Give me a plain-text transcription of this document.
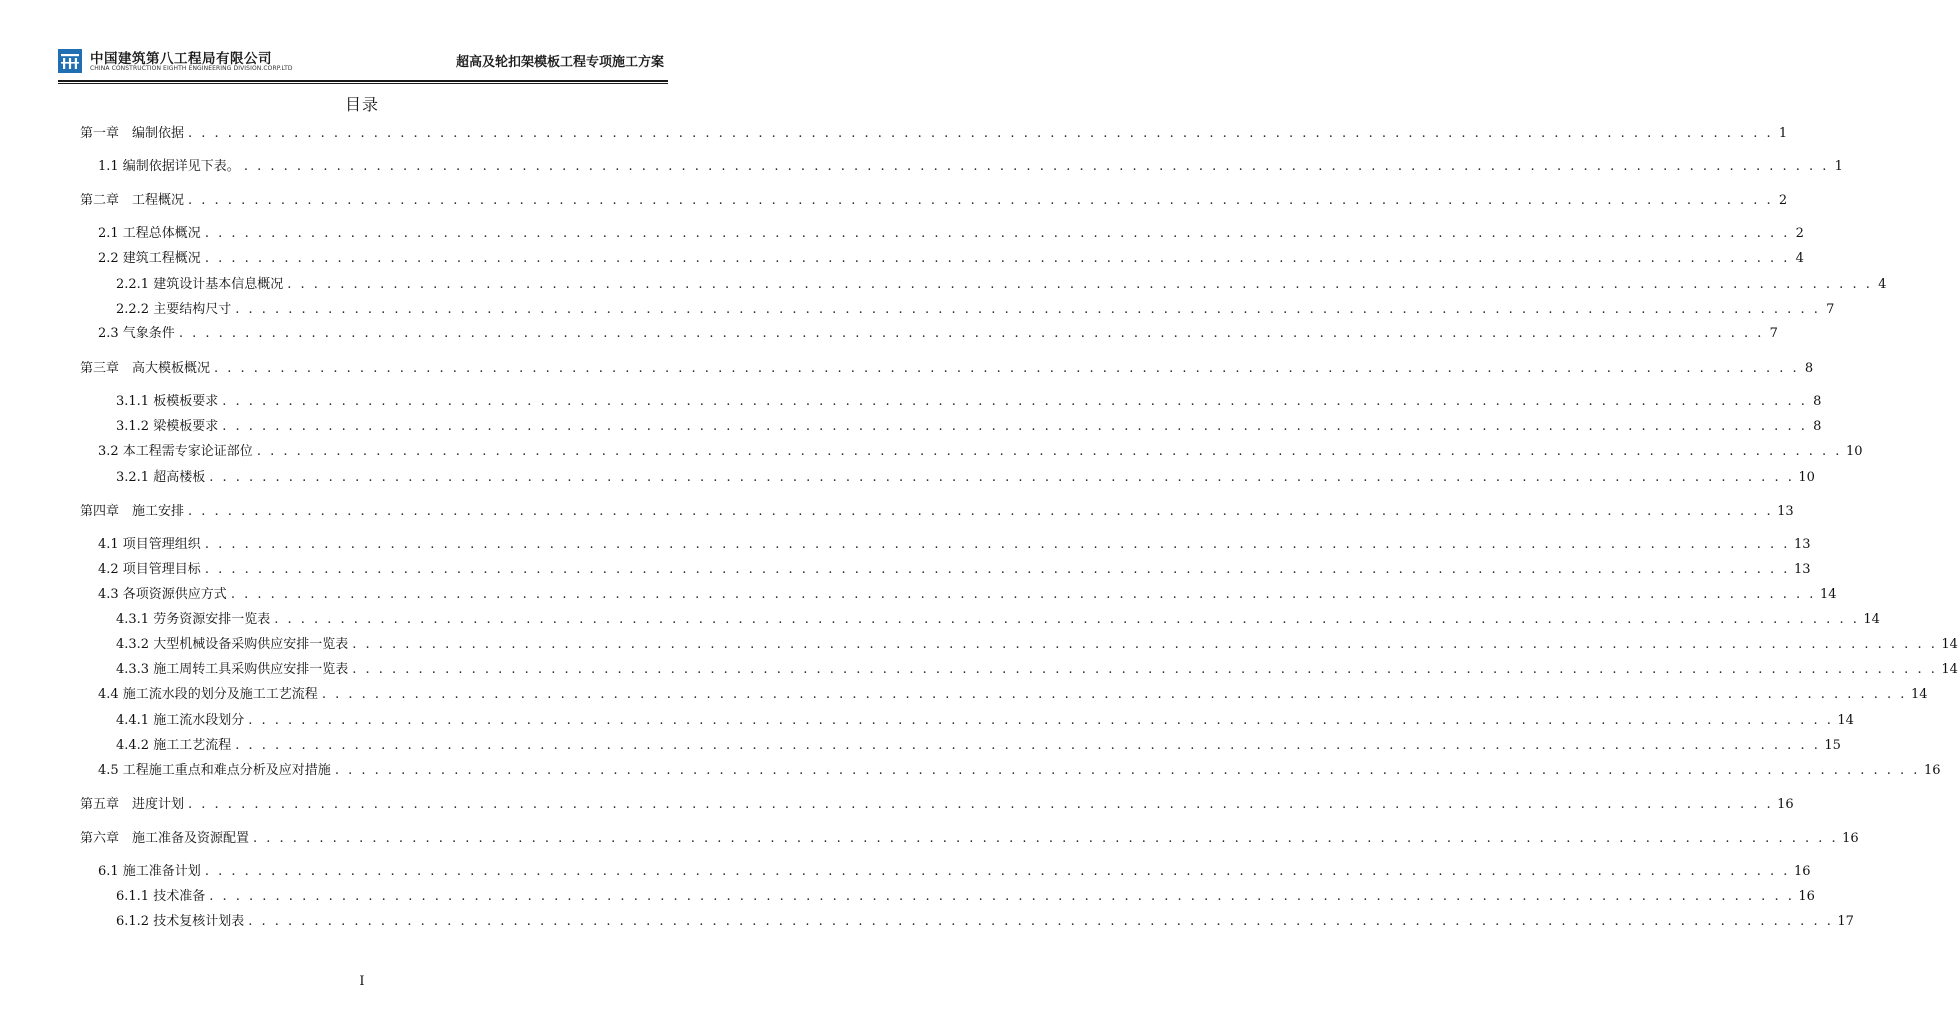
中国建筑第八工程局有限公司
CHINA CONSTRUCTION EIGHTH ENGINEERING DIVISION.CORP.LTD	超高及轮扣架模板工程专项施工方案
目录
第一章　编制依据 . . . . . . . . . . . . . . . . . . . . . . . . . . . . . . . . . . . . . . . . . . . . . . . . . . . . . . . . . . . . . . . . . . . . . . . . . . . . . . . . . . . . . . . . . . . . . . . . . . . . . . . . . . . . . . . . . . . . . . . . 1
1.1 编制依据详见下表。 . . . . . . . . . . . . . . . . . . . . . . . . . . . . . . . . . . . . . . . . . . . . . . . . . . . . . . . . . . . . . . . . . . . . . . . . . . . . . . . . . . . . . . . . . . . . . . . . . . . . . . . . . . . . . . . . . . . . . . . . 1
第二章　工程概况 . . . . . . . . . . . . . . . . . . . . . . . . . . . . . . . . . . . . . . . . . . . . . . . . . . . . . . . . . . . . . . . . . . . . . . . . . . . . . . . . . . . . . . . . . . . . . . . . . . . . . . . . . . . . . . . . . . . . . . . . 2
2.1 工程总体概况 . . . . . . . . . . . . . . . . . . . . . . . . . . . . . . . . . . . . . . . . . . . . . . . . . . . . . . . . . . . . . . . . . . . . . . . . . . . . . . . . . . . . . . . . . . . . . . . . . . . . . . . . . . . . . . . . . . . . . . . . 2
2.2 建筑工程概况 . . . . . . . . . . . . . . . . . . . . . . . . . . . . . . . . . . . . . . . . . . . . . . . . . . . . . . . . . . . . . . . . . . . . . . . . . . . . . . . . . . . . . . . . . . . . . . . . . . . . . . . . . . . . . . . . . . . . . . . . 4
2.2.1 建筑设计基本信息概况 . . . . . . . . . . . . . . . . . . . . . . . . . . . . . . . . . . . . . . . . . . . . . . . . . . . . . . . . . . . . . . . . . . . . . . . . . . . . . . . . . . . . . . . . . . . . . . . . . . . . . . . . . . . . . . . . . . . . . . . . 4
2.2.2 主要结构尺寸 . . . . . . . . . . . . . . . . . . . . . . . . . . . . . . . . . . . . . . . . . . . . . . . . . . . . . . . . . . . . . . . . . . . . . . . . . . . . . . . . . . . . . . . . . . . . . . . . . . . . . . . . . . . . . . . . . . . . . . . . 7
2.3 气象条件 . . . . . . . . . . . . . . . . . . . . . . . . . . . . . . . . . . . . . . . . . . . . . . . . . . . . . . . . . . . . . . . . . . . . . . . . . . . . . . . . . . . . . . . . . . . . . . . . . . . . . . . . . . . . . . . . . . . . . . . . 7
第三章　高大模板概况 . . . . . . . . . . . . . . . . . . . . . . . . . . . . . . . . . . . . . . . . . . . . . . . . . . . . . . . . . . . . . . . . . . . . . . . . . . . . . . . . . . . . . . . . . . . . . . . . . . . . . . . . . . . . . . . . . . . . . . . . 8
3.1.1 板模板要求 . . . . . . . . . . . . . . . . . . . . . . . . . . . . . . . . . . . . . . . . . . . . . . . . . . . . . . . . . . . . . . . . . . . . . . . . . . . . . . . . . . . . . . . . . . . . . . . . . . . . . . . . . . . . . . . . . . . . . . . . 8
3.1.2 梁模板要求 . . . . . . . . . . . . . . . . . . . . . . . . . . . . . . . . . . . . . . . . . . . . . . . . . . . . . . . . . . . . . . . . . . . . . . . . . . . . . . . . . . . . . . . . . . . . . . . . . . . . . . . . . . . . . . . . . . . . . . . . 8
3.2 本工程需专家论证部位 . . . . . . . . . . . . . . . . . . . . . . . . . . . . . . . . . . . . . . . . . . . . . . . . . . . . . . . . . . . . . . . . . . . . . . . . . . . . . . . . . . . . . . . . . . . . . . . . . . . . . . . . . . . . . . . . . . . . . . . . 10
3.2.1 超高楼板 . . . . . . . . . . . . . . . . . . . . . . . . . . . . . . . . . . . . . . . . . . . . . . . . . . . . . . . . . . . . . . . . . . . . . . . . . . . . . . . . . . . . . . . . . . . . . . . . . . . . . . . . . . . . . . . . . . . . . . . . 10
第四章　施工安排 . . . . . . . . . . . . . . . . . . . . . . . . . . . . . . . . . . . . . . . . . . . . . . . . . . . . . . . . . . . . . . . . . . . . . . . . . . . . . . . . . . . . . . . . . . . . . . . . . . . . . . . . . . . . . . . . . . . . . . . . 13
4.1 项目管理组织 . . . . . . . . . . . . . . . . . . . . . . . . . . . . . . . . . . . . . . . . . . . . . . . . . . . . . . . . . . . . . . . . . . . . . . . . . . . . . . . . . . . . . . . . . . . . . . . . . . . . . . . . . . . . . . . . . . . . . . . . 13
4.2 项目管理目标 . . . . . . . . . . . . . . . . . . . . . . . . . . . . . . . . . . . . . . . . . . . . . . . . . . . . . . . . . . . . . . . . . . . . . . . . . . . . . . . . . . . . . . . . . . . . . . . . . . . . . . . . . . . . . . . . . . . . . . . . 13
4.3 各项资源供应方式 . . . . . . . . . . . . . . . . . . . . . . . . . . . . . . . . . . . . . . . . . . . . . . . . . . . . . . . . . . . . . . . . . . . . . . . . . . . . . . . . . . . . . . . . . . . . . . . . . . . . . . . . . . . . . . . . . . . . . . . . 14
4.3.1 劳务资源安排一览表 . . . . . . . . . . . . . . . . . . . . . . . . . . . . . . . . . . . . . . . . . . . . . . . . . . . . . . . . . . . . . . . . . . . . . . . . . . . . . . . . . . . . . . . . . . . . . . . . . . . . . . . . . . . . . . . . . . . . . . . . 14
4.3.2 大型机械设备采购供应安排一览表 . . . . . . . . . . . . . . . . . . . . . . . . . . . . . . . . . . . . . . . . . . . . . . . . . . . . . . . . . . . . . . . . . . . . . . . . . . . . . . . . . . . . . . . . . . . . . . . . . . . . . . . . . . . . . . . . . . . . . . . . 14
4.3.3 施工周转工具采购供应安排一览表 . . . . . . . . . . . . . . . . . . . . . . . . . . . . . . . . . . . . . . . . . . . . . . . . . . . . . . . . . . . . . . . . . . . . . . . . . . . . . . . . . . . . . . . . . . . . . . . . . . . . . . . . . . . . . . . . . . . . . . . . 14
4.4 施工流水段的划分及施工工艺流程 . . . . . . . . . . . . . . . . . . . . . . . . . . . . . . . . . . . . . . . . . . . . . . . . . . . . . . . . . . . . . . . . . . . . . . . . . . . . . . . . . . . . . . . . . . . . . . . . . . . . . . . . . . . . . . . . . . . . . . . . 14
4.4.1 施工流水段划分 . . . . . . . . . . . . . . . . . . . . . . . . . . . . . . . . . . . . . . . . . . . . . . . . . . . . . . . . . . . . . . . . . . . . . . . . . . . . . . . . . . . . . . . . . . . . . . . . . . . . . . . . . . . . . . . . . . . . . . . . 14
4.4.2 施工工艺流程 . . . . . . . . . . . . . . . . . . . . . . . . . . . . . . . . . . . . . . . . . . . . . . . . . . . . . . . . . . . . . . . . . . . . . . . . . . . . . . . . . . . . . . . . . . . . . . . . . . . . . . . . . . . . . . . . . . . . . . . . 15
4.5 工程施工重点和难点分析及应对措施 . . . . . . . . . . . . . . . . . . . . . . . . . . . . . . . . . . . . . . . . . . . . . . . . . . . . . . . . . . . . . . . . . . . . . . . . . . . . . . . . . . . . . . . . . . . . . . . . . . . . . . . . . . . . . . . . . . . . . . . . 16
第五章　进度计划 . . . . . . . . . . . . . . . . . . . . . . . . . . . . . . . . . . . . . . . . . . . . . . . . . . . . . . . . . . . . . . . . . . . . . . . . . . . . . . . . . . . . . . . . . . . . . . . . . . . . . . . . . . . . . . . . . . . . . . . . 16
第六章　施工准备及资源配置 . . . . . . . . . . . . . . . . . . . . . . . . . . . . . . . . . . . . . . . . . . . . . . . . . . . . . . . . . . . . . . . . . . . . . . . . . . . . . . . . . . . . . . . . . . . . . . . . . . . . . . . . . . . . . . . . . . . . . . . . 16
6.1 施工准备计划 . . . . . . . . . . . . . . . . . . . . . . . . . . . . . . . . . . . . . . . . . . . . . . . . . . . . . . . . . . . . . . . . . . . . . . . . . . . . . . . . . . . . . . . . . . . . . . . . . . . . . . . . . . . . . . . . . . . . . . . . 16
6.1.1 技术准备 . . . . . . . . . . . . . . . . . . . . . . . . . . . . . . . . . . . . . . . . . . . . . . . . . . . . . . . . . . . . . . . . . . . . . . . . . . . . . . . . . . . . . . . . . . . . . . . . . . . . . . . . . . . . . . . . . . . . . . . . 16
6.1.2 技术复核计划表 . . . . . . . . . . . . . . . . . . . . . . . . . . . . . . . . . . . . . . . . . . . . . . . . . . . . . . . . . . . . . . . . . . . . . . . . . . . . . . . . . . . . . . . . . . . . . . . . . . . . . . . . . . . . . . . . . . . . . . . . 17
I
